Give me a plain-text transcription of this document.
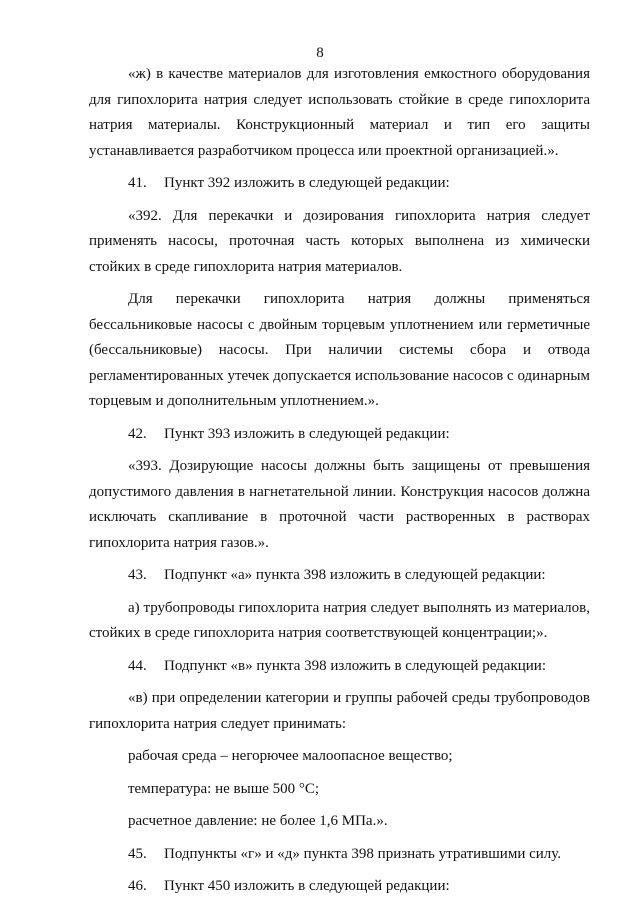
8

«ж) в качестве материалов для изготовления емкостного оборудования для гипохлорита натрия следует использовать стойкие в среде гипохлорита натрия материалы. Конструкционный материал и тип его защиты устанавливается разработчиком процесса или проектной организацией.».

41. Пункт 392 изложить в следующей редакции:

«392. Для перекачки и дозирования гипохлорита натрия следует применять насосы, проточная часть которых выполнена из химически стойких в среде гипохлорита натрия материалов.

Для перекачки гипохлорита натрия должны применяться бессальниковые насосы с двойным торцевым уплотнением или герметичные (бессальниковые) насосы. При наличии системы сбора и отвода регламентированных утечек допускается использование насосов с одинарным торцевым и дополнительным уплотнением.».

42. Пункт 393 изложить в следующей редакции:

«393. Дозирующие насосы должны быть защищены от превышения допустимого давления в нагнетательной линии. Конструкция насосов должна исключать скапливание в проточной части растворенных в растворах гипохлорита натрия газов.».

43. Подпункт «а» пункта 398 изложить в следующей редакции:

а) трубопроводы гипохлорита натрия следует выполнять из материалов, стойких в среде гипохлорита натрия соответствующей концентрации;».

44. Подпункт «в» пункта 398 изложить в следующей редакции:

«в) при определении категории и группы рабочей среды трубопроводов гипохлорита натрия следует принимать:

рабочая среда – негорючее малоопасное вещество;

температура: не выше 500 °С;

расчетное давление: не более 1,6 МПа.».

45. Подпункты «г» и «д» пункта 398 признать утратившими силу.

46. Пункт 450 изложить в следующей редакции:
